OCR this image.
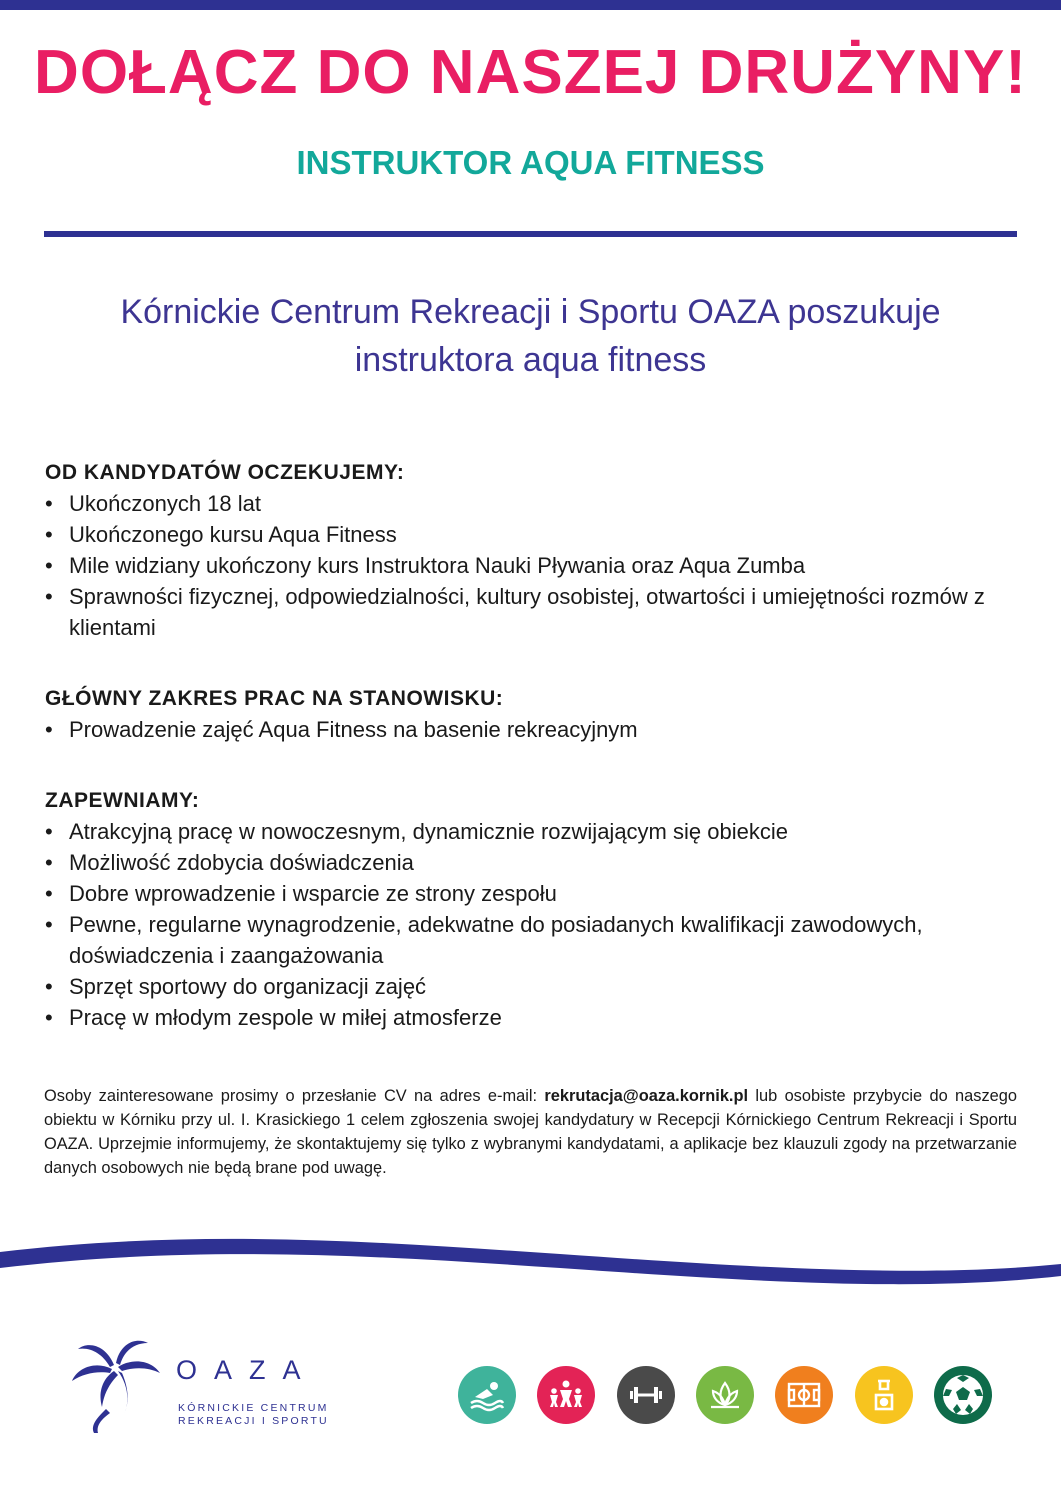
DOŁĄCZ DO NASZEJ DRUŻYNY!
INSTRUKTOR AQUA FITNESS
Kórnickie Centrum Rekreacji i Sportu OAZA poszukuje
instruktora aqua fitness
OD KANDYDATÓW OCZEKUJEMY:
• Ukończonych 18 lat
• Ukończonego kursu Aqua Fitness
• Mile widziany ukończony kurs Instruktora Nauki Pływania oraz Aqua Zumba
• Sprawności fizycznej, odpowiedzialności, kultury osobistej, otwartości i umiejętności rozmów z klientami
GŁÓWNY ZAKRES PRAC NA STANOWISKU:
• Prowadzenie zajęć Aqua Fitness na basenie rekreacyjnym
ZAPEWNIAMY:
• Atrakcyjną pracę w nowoczesnym, dynamicznie rozwijającym się obiekcie
• Możliwość zdobycia doświadczenia
• Dobre wprowadzenie i wsparcie ze strony zespołu
• Pewne, regularne wynagrodzenie, adekwatne do posiadanych kwalifikacji zawodowych, doświadczenia i zaangażowania
• Sprzęt sportowy do organizacji zajęć
• Pracę w młodym zespole w miłej atmosferze
Osoby zainteresowane prosimy o przesłanie CV na adres e-mail: rekrutacja@oaza.kornik.pl lub osobiste przybycie do naszego obiektu w Kórniku przy ul. I. Krasickiego 1 celem zgłoszenia swojej kandydatury w Recepcji Kórnickiego Centrum Rekreacji i Sportu OAZA. Uprzejmie informujemy, że skontaktujemy się tylko z wybranymi kandydatami, a aplikacje bez klauzuli zgody na przetwarzanie danych osobowych nie będą brane pod uwagę.
OAZA
KÓRNICKIE CENTRUM
REKREACJI I SPORTU
